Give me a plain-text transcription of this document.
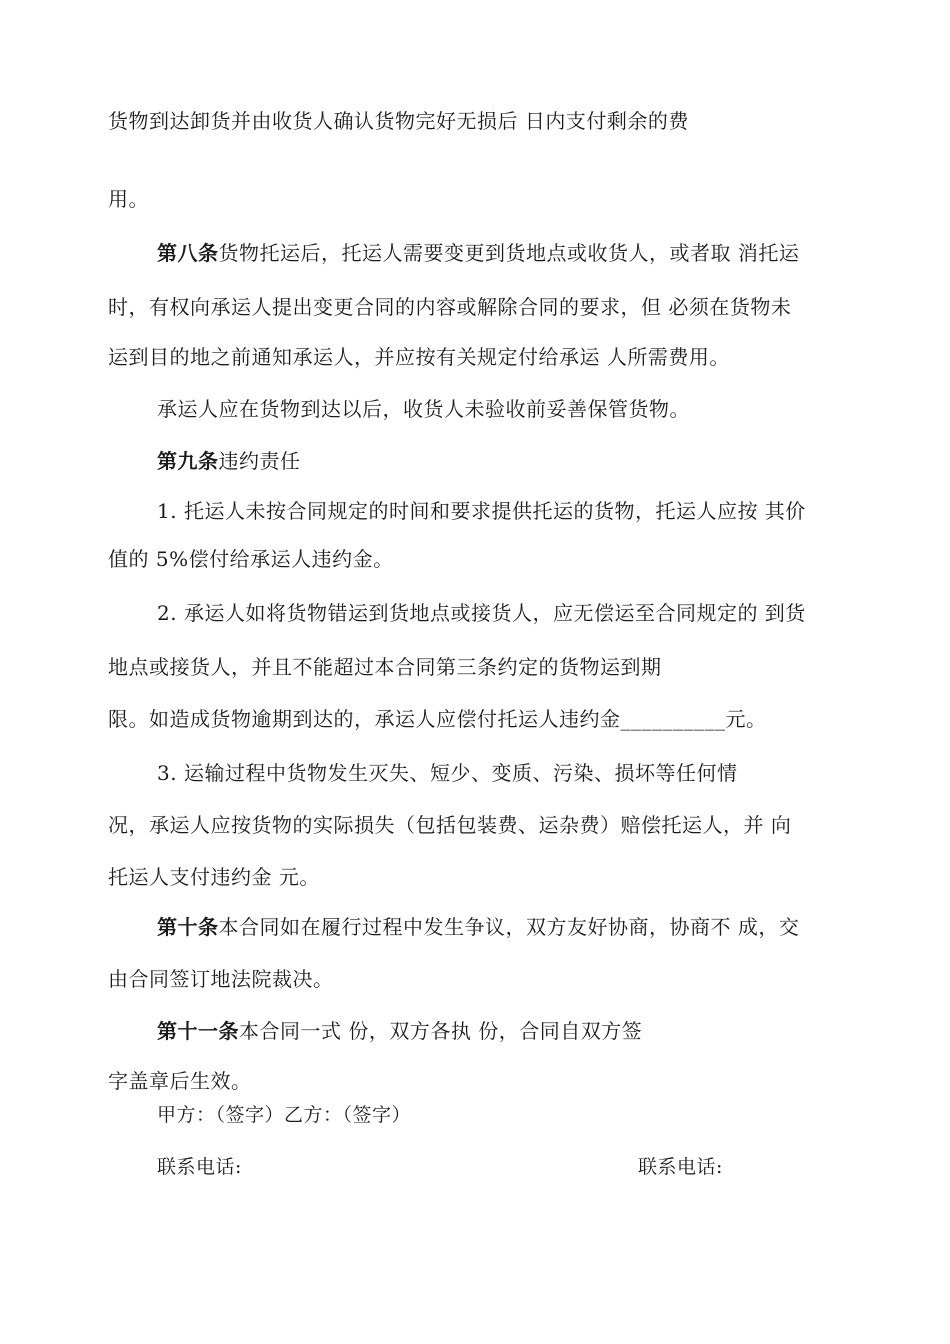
货物到达卸货并由收货人确认货物完好无损后 日内支付剩余的费
用。
第八条货物托运后，托运人需要变更到货地点或收货人，或者取 消托运
时，有权向承运人提出变更合同的内容或解除合同的要求，但 必须在货物未
运到目的地之前通知承运人，并应按有关规定付给承运 人所需费用。
承运人应在货物到达以后，收货人未验收前妥善保管货物。
第九条违约责任
1. 托运人未按合同规定的时间和要求提供托运的货物，托运人应按 其价
值的 5%偿付给承运人违约金。
2. 承运人如将货物错运到货地点或接货人，应无偿运至合同规定的 到货
地点或接货人，并且不能超过本合同第三条约定的货物运到期
限。如造成货物逾期到达的，承运人应偿付托运人违约金__________元。
3. 运输过程中货物发生灭失、短少、变质、污染、损坏等任何情
况，承运人应按货物的实际损失（包括包装费、运杂费）赔偿托运人，并 向
托运人支付违约金 元。
第十条本合同如在履行过程中发生争议，双方友好协商，协商不 成，交
由合同签订地法院裁决。
第十一条本合同一式 份，双方各执 份，合同自双方签
字盖章后生效。
甲方：（签字）乙方：（签字）
联系电话:	联系电话:
